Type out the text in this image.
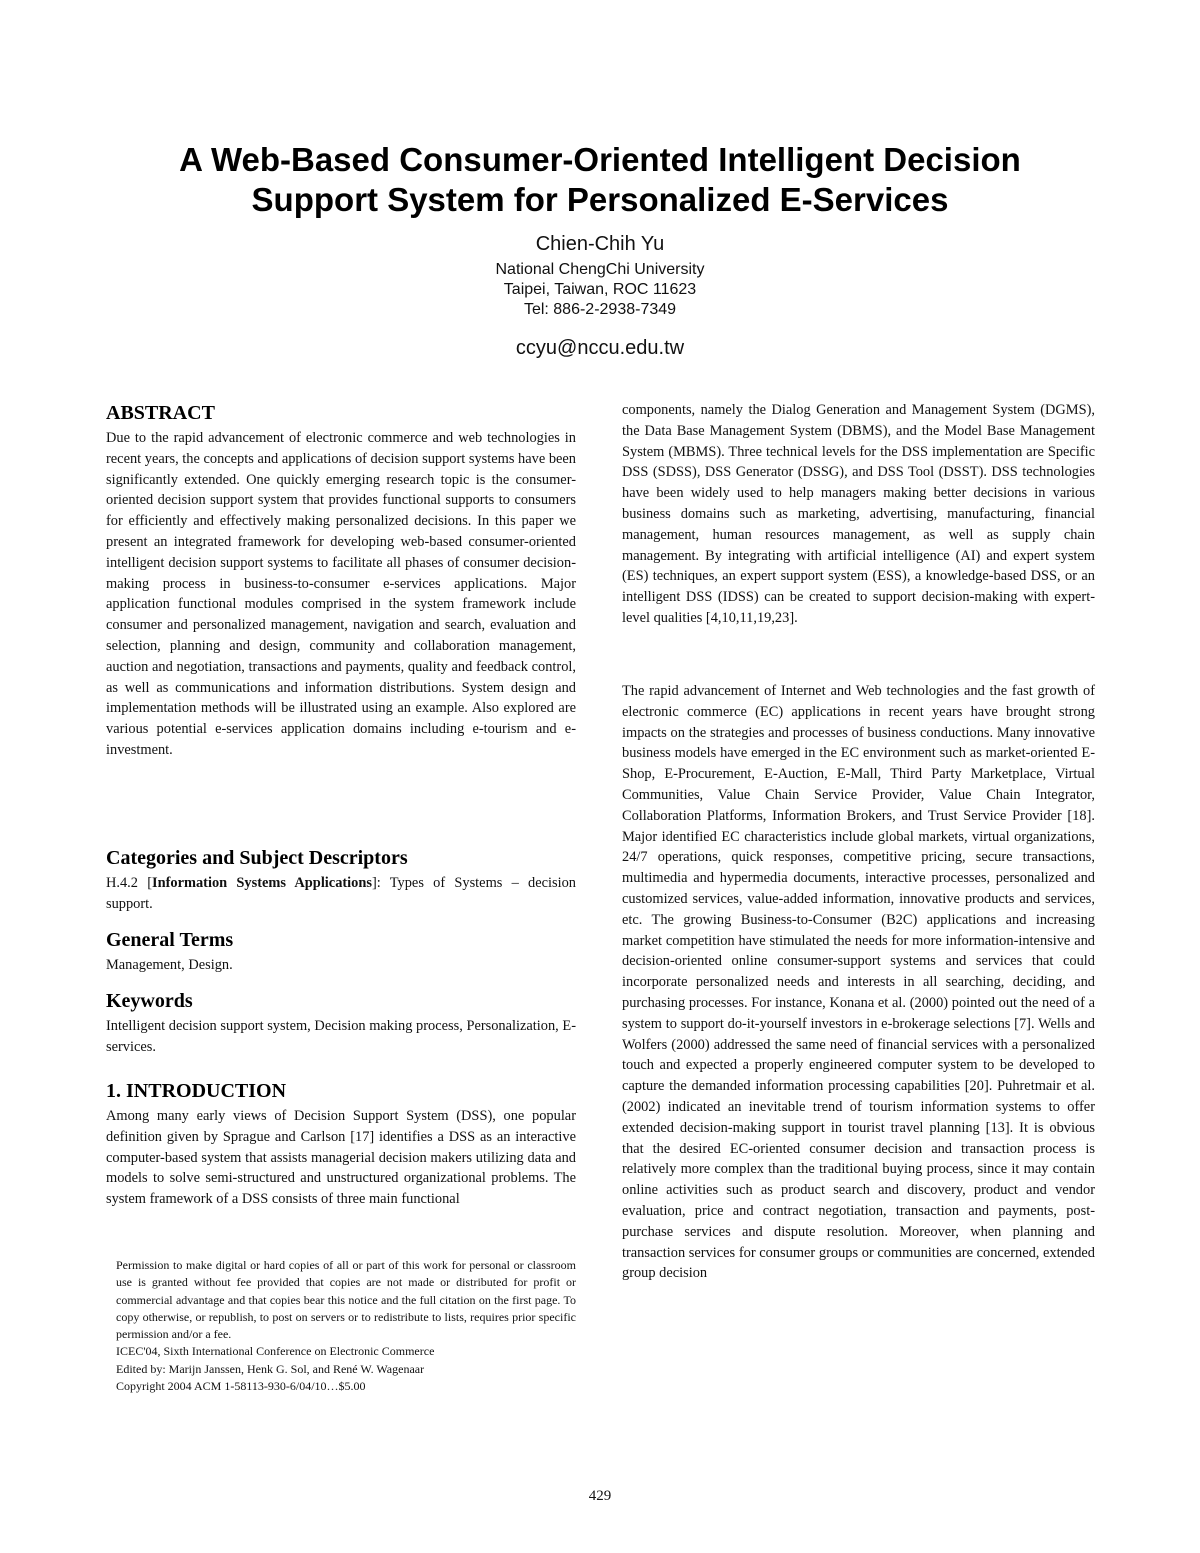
A Web-Based Consumer-Oriented Intelligent Decision
Support System for Personalized E-Services
Chien-Chih Yu
National ChengChi University
Taipei, Taiwan, ROC 11623
Tel: 886-2-2938-7349
ccyu@nccu.edu.tw
ABSTRACT

Due to the rapid advancement of electronic commerce and web technologies in recent years, the concepts and applications of decision support systems have been significantly extended. One quickly emerging research topic is the consumer-oriented decision support system that provides functional supports to consumers for efficiently and effectively making personalized decisions. In this paper we present an integrated framework for developing web-based consumer-oriented intelligent decision support systems to facilitate all phases of consumer decision-making process in business-to-consumer e-services applications. Major application functional modules comprised in the system framework include consumer and personalized management, navigation and search, evaluation and selection, planning and design, community and collaboration management, auction and negotiation, transactions and payments, quality and feedback control, as well as communications and information distributions. System design and implementation methods will be illustrated using an example. Also explored are various potential e-services application domains including e-tourism and e-investment.

Categories and Subject Descriptors

H.4.2 [Information Systems Applications]: Types of Systems – decision support.

General Terms

Management, Design.

Keywords

Intelligent decision support system, Decision making process, Personalization, E-services.

1. INTRODUCTION

Among many early views of Decision Support System (DSS), one popular definition given by Sprague and Carlson [17] identifies a DSS as an interactive computer-based system that assists managerial decision makers utilizing data and models to solve semi-structured and unstructured organizational problems. The system framework of a DSS consists of three main functional

Permission to make digital or hard copies of all or part of this work for personal or classroom use is granted without fee provided that copies are not made or distributed for profit or commercial advantage and that copies bear this notice and the full citation on the first page. To copy otherwise, or republish, to post on servers or to redistribute to lists, requires prior specific permission and/or a fee.
ICEC'04, Sixth International Conference on Electronic Commerce
Edited by: Marijn Janssen, Henk G. Sol, and René W. Wagenaar
Copyright 2004 ACM 1-58113-930-6/04/10…$5.00

components, namely the Dialog Generation and Management System (DGMS), the Data Base Management System (DBMS), and the Model Base Management System (MBMS). Three technical levels for the DSS implementation are Specific DSS (SDSS), DSS Generator (DSSG), and DSS Tool (DSST). DSS technologies have been widely used to help managers making better decisions in various business domains such as marketing, advertising, manufacturing, financial management, human resources management, as well as supply chain management. By integrating with artificial intelligence (AI) and expert system (ES) techniques, an expert support system (ESS), a knowledge-based DSS, or an intelligent DSS (IDSS) can be created to support decision-making with expert-level qualities [4,10,11,19,23].

The rapid advancement of Internet and Web technologies and the fast growth of electronic commerce (EC) applications in recent years have brought strong impacts on the strategies and processes of business conductions. Many innovative business models have emerged in the EC environment such as market-oriented E-Shop, E-Procurement, E-Auction, E-Mall, Third Party Marketplace, Virtual Communities, Value Chain Service Provider, Value Chain Integrator, Collaboration Platforms, Information Brokers, and Trust Service Provider [18]. Major identified EC characteristics include global markets, virtual organizations, 24/7 operations, quick responses, competitive pricing, secure transactions, multimedia and hypermedia documents, interactive processes, personalized and customized services, value-added information, innovative products and services, etc. The growing Business-to-Consumer (B2C) applications and increasing market competition have stimulated the needs for more information-intensive and decision-oriented online consumer-support systems and services that could incorporate personalized needs and interests in all searching, deciding, and purchasing processes. For instance, Konana et al. (2000) pointed out the need of a system to support do-it-yourself investors in e-brokerage selections [7]. Wells and Wolfers (2000) addressed the same need of financial services with a personalized touch and expected a properly engineered computer system to be developed to capture the demanded information processing capabilities [20]. Puhretmair et al. (2002) indicated an inevitable trend of tourism information systems to offer extended decision-making support in tourist travel planning [13]. It is obvious that the desired EC-oriented consumer decision and transaction process is relatively more complex than the traditional buying process, since it may contain online activities such as product search and discovery, product and vendor evaluation, price and contract negotiation, transaction and payments, post-purchase services and dispute resolution. Moreover, when planning and transaction services for consumer groups or communities are concerned, extended group decision

429
